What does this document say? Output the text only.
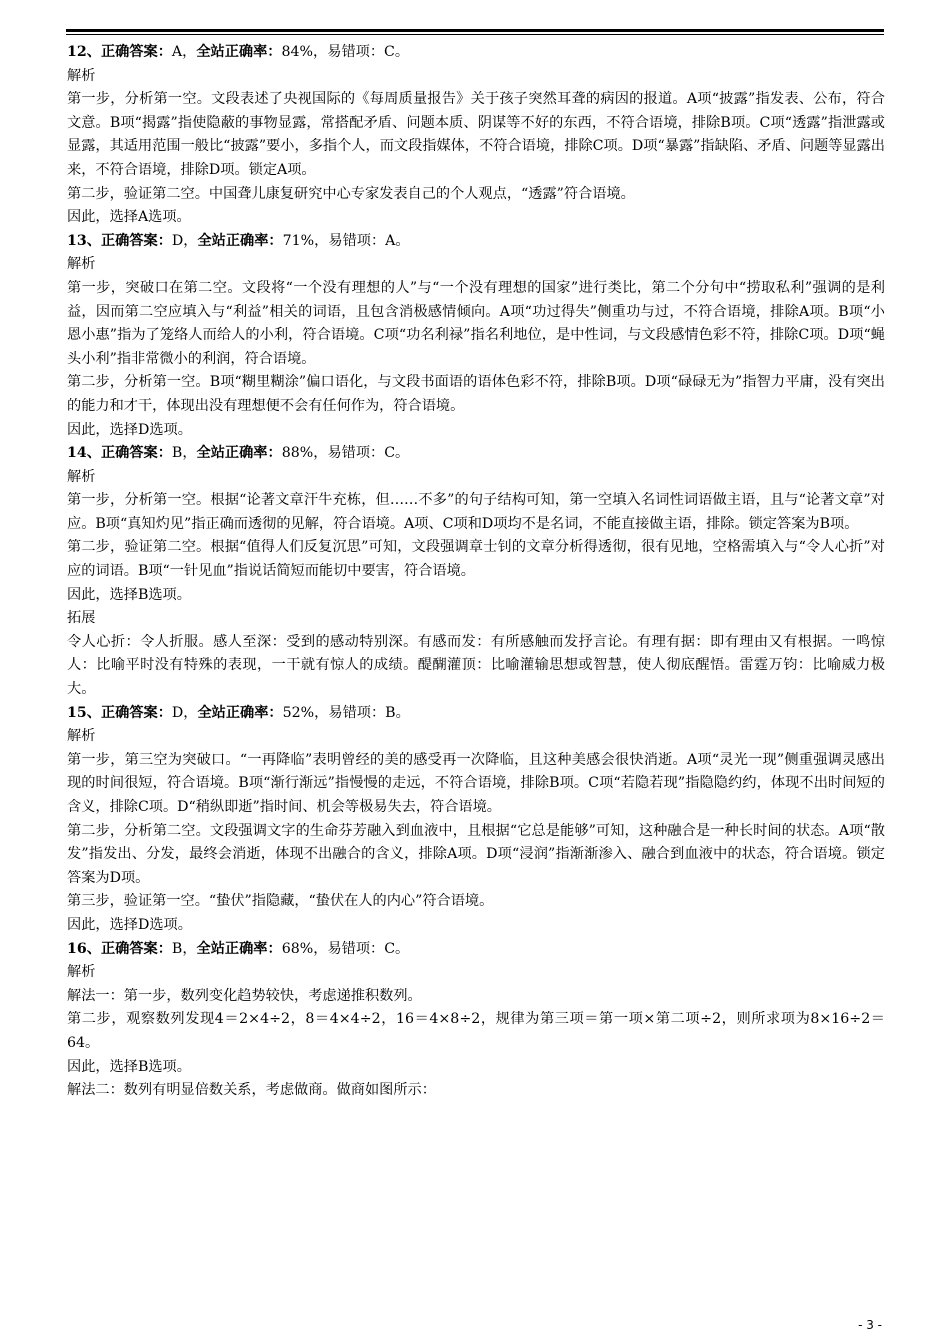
12、正确答案：A，全站正确率：84%，易错项：C。

解析

第一步，分析第一空。文段表述了央视国际的《每周质量报告》关于孩子突然耳聋的病因的报道。A项“披露”指发表、公布，符合文意。B项“揭露”指使隐蔽的事物显露，常搭配矛盾、问题本质、阴谋等不好的东西，不符合语境，排除B项。C项“透露”指泄露或显露，其适用范围一般比“披露”要小，多指个人，而文段指媒体，不符合语境，排除C项。D项“暴露”指缺陷、矛盾、问题等显露出来，不符合语境，排除D项。锁定A项。

第二步，验证第二空。中国聋儿康复研究中心专家发表自己的个人观点，“透露”符合语境。

因此，选择A选项。

13、正确答案：D，全站正确率：71%，易错项：A。

解析

第一步，突破口在第二空。文段将“一个没有理想的人”与“一个没有理想的国家”进行类比，第二个分句中“捞取私利”强调的是利益，因而第二空应填入与“利益”相关的词语，且包含消极感情倾向。A项“功过得失”侧重功与过，不符合语境，排除A项。B项“小恩小惠”指为了笼络人而给人的小利，符合语境。C项“功名利禄”指名利地位，是中性词，与文段感情色彩不符，排除C项。D项“蝇头小利”指非常微小的利润，符合语境。

第二步，分析第一空。B项“糊里糊涂”偏口语化，与文段书面语的语体色彩不符，排除B项。D项“碌碌无为”指智力平庸，没有突出的能力和才干，体现出没有理想便不会有任何作为，符合语境。

因此，选择D选项。

14、正确答案：B，全站正确率：88%，易错项：C。

解析

第一步，分析第一空。根据“论著文章汗牛充栋，但……不多”的句子结构可知，第一空填入名词性词语做主语，且与“论著文章”对应。B项“真知灼见”指正确而透彻的见解，符合语境。A项、C项和D项均不是名词，不能直接做主语，排除。锁定答案为B项。

第二步，验证第二空。根据“值得人们反复沉思”可知，文段强调章士钊的文章分析得透彻，很有见地，空格需填入与“令人心折”对应的词语。B项“一针见血”指说话简短而能切中要害，符合语境。

因此，选择B选项。

拓展

令人心折：令人折服。感人至深：受到的感动特别深。有感而发：有所感触而发抒言论。有理有据：即有理由又有根据。一鸣惊人：比喻平时没有特殊的表现，一干就有惊人的成绩。醍醐灌顶：比喻灌输思想或智慧，使人彻底醒悟。雷霆万钧：比喻威力极大。

15、正确答案：D，全站正确率：52%，易错项：B。

解析

第一步，第三空为突破口。“一再降临”表明曾经的美的感受再一次降临，且这种美感会很快消逝。A项“灵光一现”侧重强调灵感出现的时间很短，符合语境。B项“渐行渐远”指慢慢的走远，不符合语境，排除B项。C项“若隐若现”指隐隐约约，体现不出时间短的含义，排除C项。D“稍纵即逝”指时间、机会等极易失去，符合语境。

第二步，分析第二空。文段强调文字的生命芬芳融入到血液中，且根据“它总是能够”可知，这种融合是一种长时间的状态。A项“散发”指发出、分发，最终会消逝，体现不出融合的含义，排除A项。D项“浸润”指渐渐渗入、融合到血液中的状态，符合语境。锁定答案为D项。

第三步，验证第一空。“蛰伏”指隐藏，“蛰伏在人的内心”符合语境。

因此，选择D选项。

16、正确答案：B，全站正确率：68%，易错项：C。

解析

解法一：第一步，数列变化趋势较快，考虑递推积数列。

第二步，观察数列发现4＝2×4÷2，8＝4×4÷2，16＝4×8÷2，规律为第三项＝第一项×第二项÷2，则所求项为8×16÷2＝64。

因此，选择B选项。

解法二：数列有明显倍数关系，考虑做商。做商如图所示：

- 3 -
